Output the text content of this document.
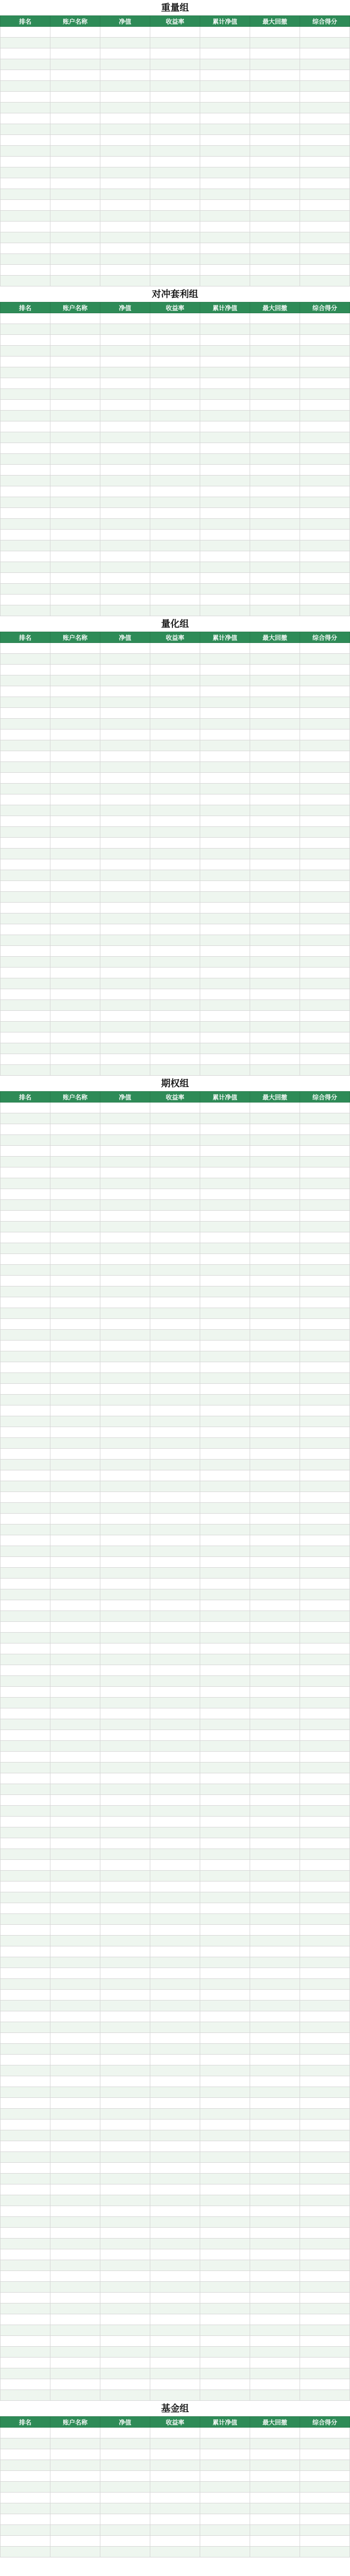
重量组
排名	账户名称	净值	收益率	累计净值	最大回撤	综合得分

对冲套利组
排名	账户名称	净值	收益率	累计净值	最大回撤	综合得分

量化组
排名	账户名称	净值	收益率	累计净值	最大回撤	综合得分

期权组
排名	账户名称	净值	收益率	累计净值	最大回撤	综合得分

基金组
排名	账户名称	净值	收益率	累计净值	最大回撤	综合得分
